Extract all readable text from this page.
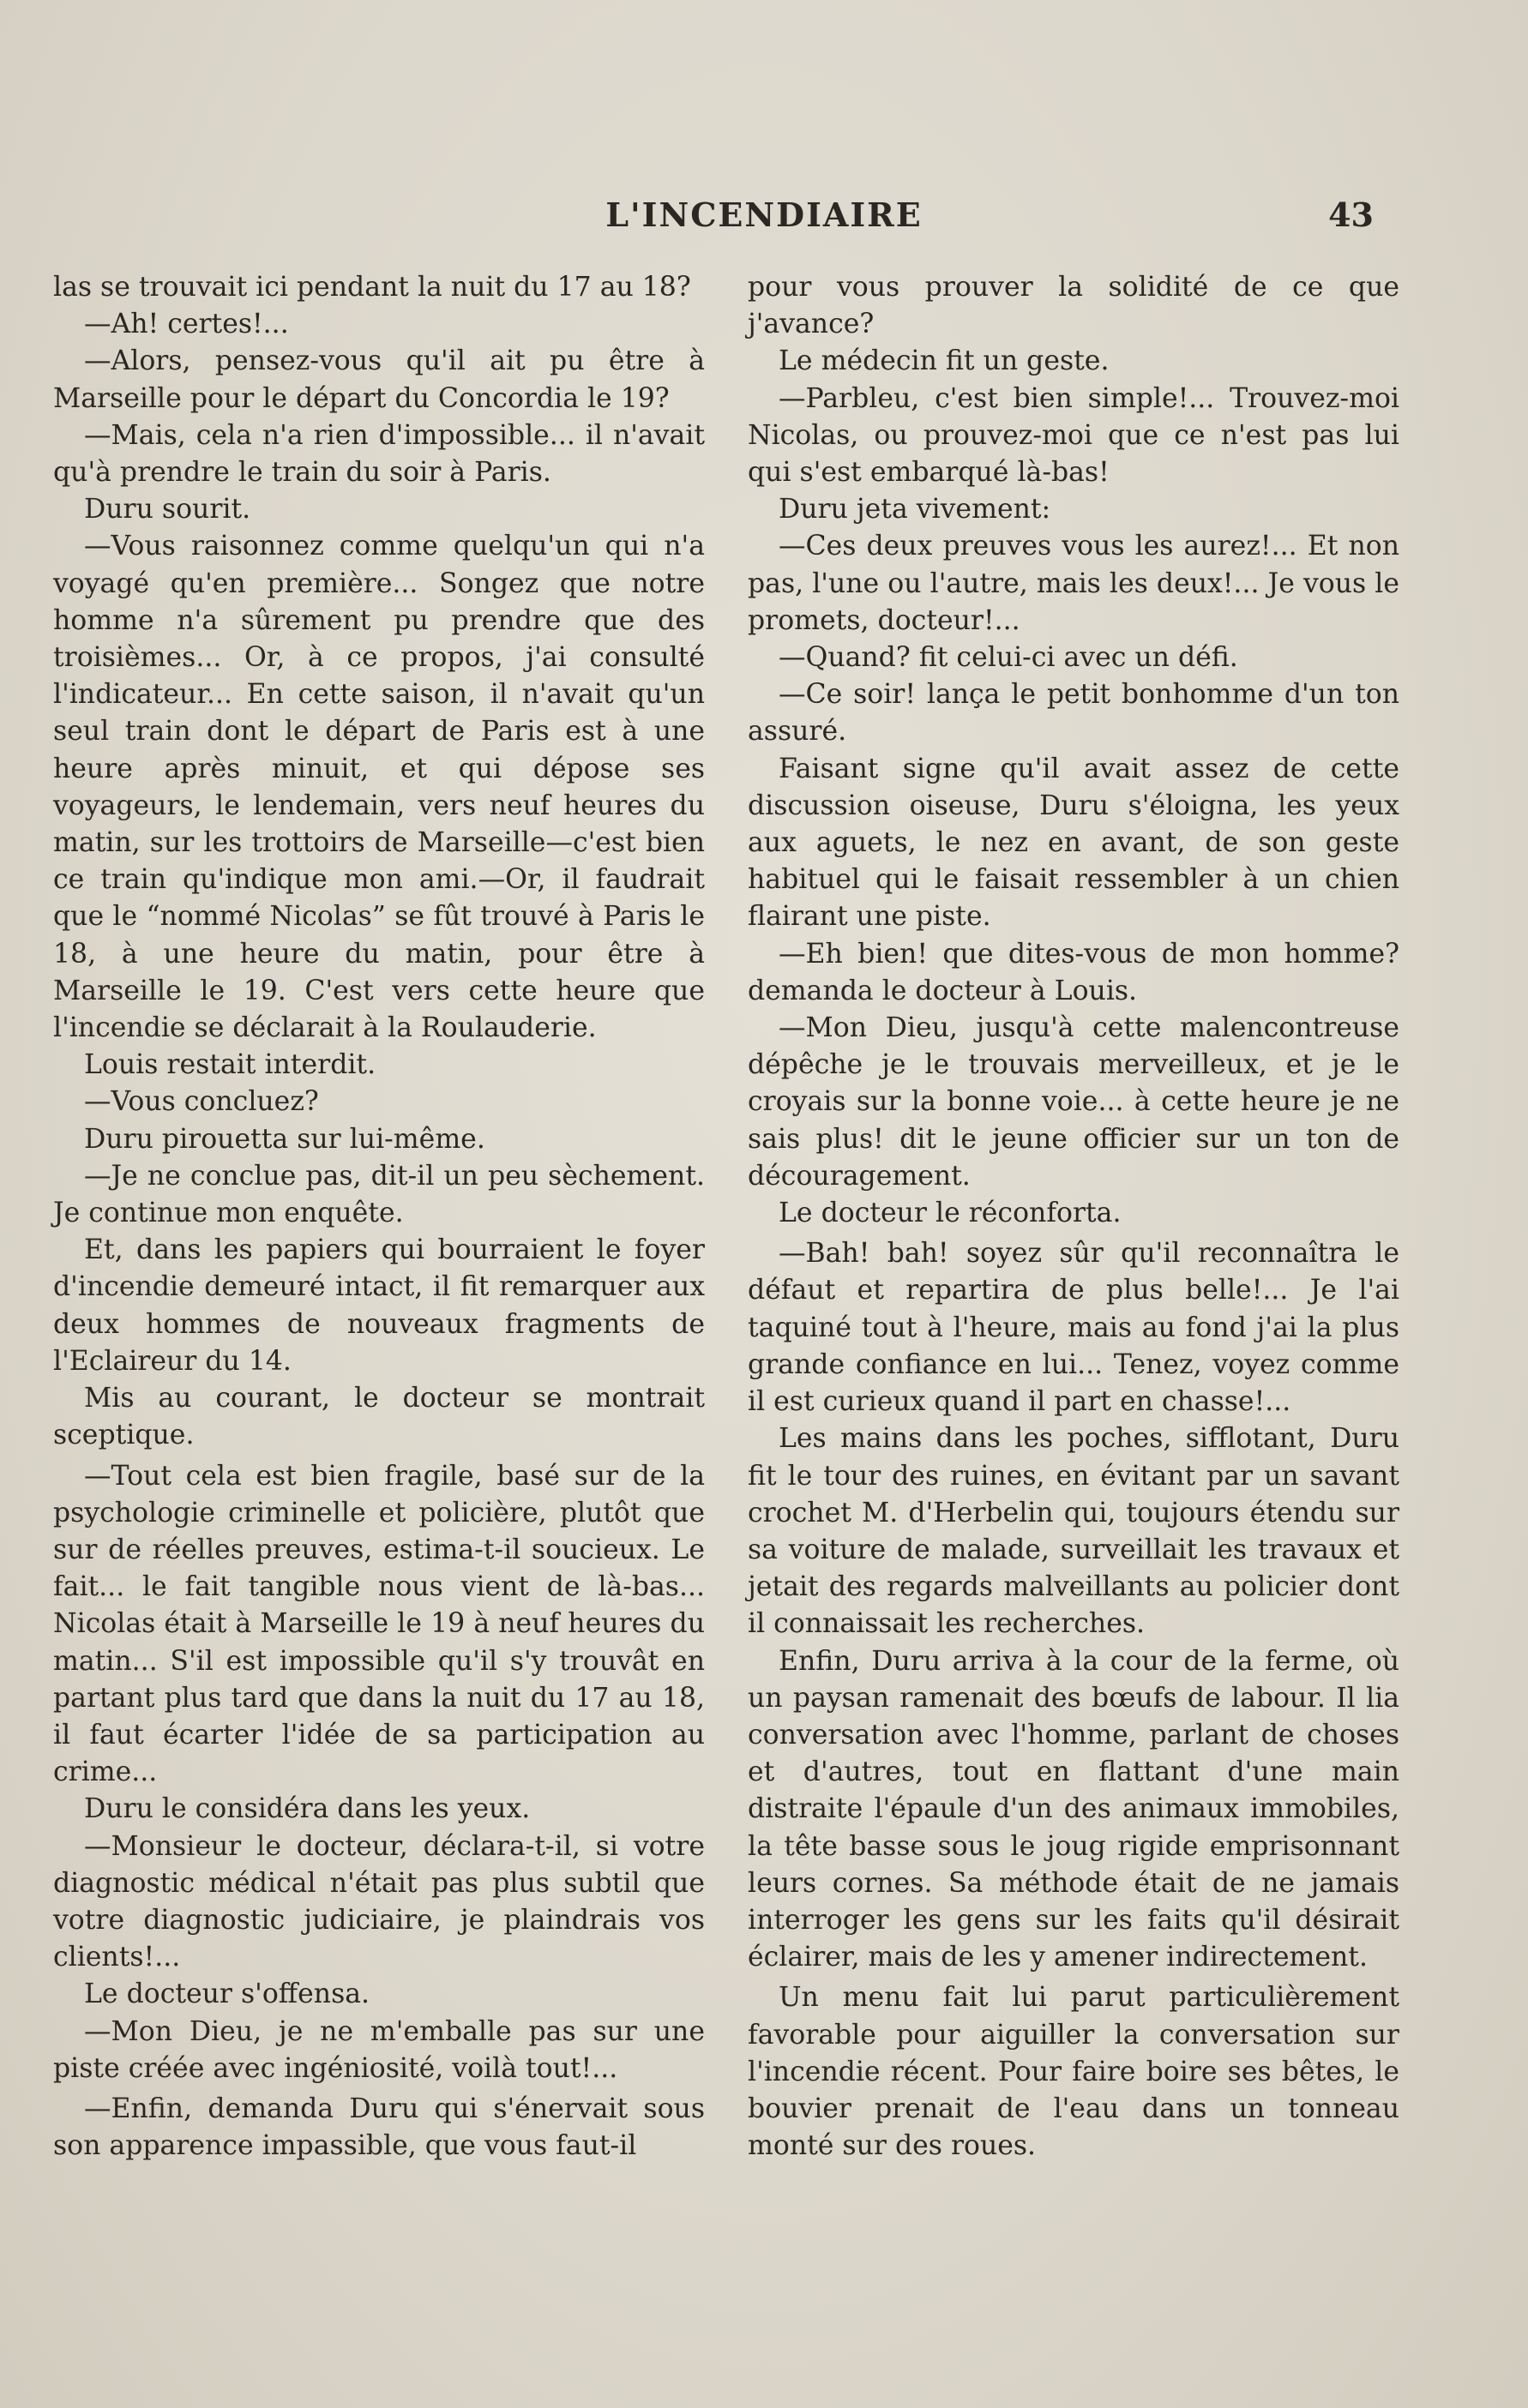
L'INCENDIAIRE	43

las se trouvait ici pendant la nuit du 17 au 18?

—Ah! certes!...

—Alors, pensez-vous qu'il ait pu être à Marseille pour le départ du Concordia le 19?

—Mais, cela n'a rien d'impossible... il n'avait qu'à prendre le train du soir à Paris.

Duru sourit.

—Vous raisonnez comme quelqu'un qui n'a voyagé qu'en première... Songez que notre homme n'a sûrement pu prendre que des troisièmes... Or, à ce propos, j'ai consulté l'indicateur... En cette saison, il n'avait qu'un seul train dont le départ de Paris est à une heure après minuit, et qui dépose ses voyageurs, le lendemain, vers neuf heures du matin, sur les trottoirs de Marseille—c'est bien ce train qu'indique mon ami.—Or, il faudrait que le “nommé Nicolas” se fût trouvé à Paris le 18, à une heure du matin, pour être à Marseille le 19. C'est vers cette heure que l'incendie se déclarait à la Roulauderie.

Louis restait interdit.

—Vous concluez?

Duru pirouetta sur lui-même.

—Je ne conclue pas, dit-il un peu sèchement. Je continue mon enquête.

Et, dans les papiers qui bourraient le foyer d'incendie demeuré intact, il fit remarquer aux deux hommes de nouveaux fragments de l'Eclaireur du 14.

Mis au courant, le docteur se montrait sceptique.

—Tout cela est bien fragile, basé sur de la psychologie criminelle et policière, plutôt que sur de réelles preuves, estima-t-il soucieux. Le fait... le fait tangible nous vient de là-bas... Nicolas était à Marseille le 19 à neuf heures du matin... S'il est impossible qu'il s'y trouvât en partant plus tard que dans la nuit du 17 au 18, il faut écarter l'idée de sa participation au crime...

Duru le considéra dans les yeux.

—Monsieur le docteur, déclara-t-il, si votre diagnostic médical n'était pas plus subtil que votre diagnostic judiciaire, je plaindrais vos clients!...

Le docteur s'offensa.

—Mon Dieu, je ne m'emballe pas sur une piste créée avec ingéniosité, voilà tout!...

—Enfin, demanda Duru qui s'énervait sous son apparence impassible, que vous faut-il

pour vous prouver la solidité de ce que j'avance?

Le médecin fit un geste.

—Parbleu, c'est bien simple!... Trouvez-moi Nicolas, ou prouvez-moi que ce n'est pas lui qui s'est embarqué là-bas!

Duru jeta vivement:

—Ces deux preuves vous les aurez!... Et non pas, l'une ou l'autre, mais les deux!... Je vous le promets, docteur!...

—Quand? fit celui-ci avec un défi.

—Ce soir! lança le petit bonhomme d'un ton assuré.

Faisant signe qu'il avait assez de cette discussion oiseuse, Duru s'éloigna, les yeux aux aguets, le nez en avant, de son geste habituel qui le faisait ressembler à un chien flairant une piste.

—Eh bien! que dites-vous de mon homme? demanda le docteur à Louis.

—Mon Dieu, jusqu'à cette malencontreuse dépêche je le trouvais merveilleux, et je le croyais sur la bonne voie... à cette heure je ne sais plus! dit le jeune officier sur un ton de découragement.

Le docteur le réconforta.

—Bah! bah! soyez sûr qu'il reconnaîtra le défaut et repartira de plus belle!... Je l'ai taquiné tout à l'heure, mais au fond j'ai la plus grande confiance en lui... Tenez, voyez comme il est curieux quand il part en chasse!...

Les mains dans les poches, sifflotant, Duru fit le tour des ruines, en évitant par un savant crochet M. d'Herbelin qui, toujours étendu sur sa voiture de malade, surveillait les travaux et jetait des regards malveillants au policier dont il connaissait les recherches.

Enfin, Duru arriva à la cour de la ferme, où un paysan ramenait des bœufs de labour. Il lia conversation avec l'homme, parlant de choses et d'autres, tout en flattant d'une main distraite l'épaule d'un des animaux immobiles, la tête basse sous le joug rigide emprisonnant leurs cornes. Sa méthode était de ne jamais interroger les gens sur les faits qu'il désirait éclairer, mais de les y amener indirectement.

Un menu fait lui parut particulièrement favorable pour aiguiller la conversation sur l'incendie récent. Pour faire boire ses bêtes, le bouvier prenait de l'eau dans un tonneau monté sur des roues.
